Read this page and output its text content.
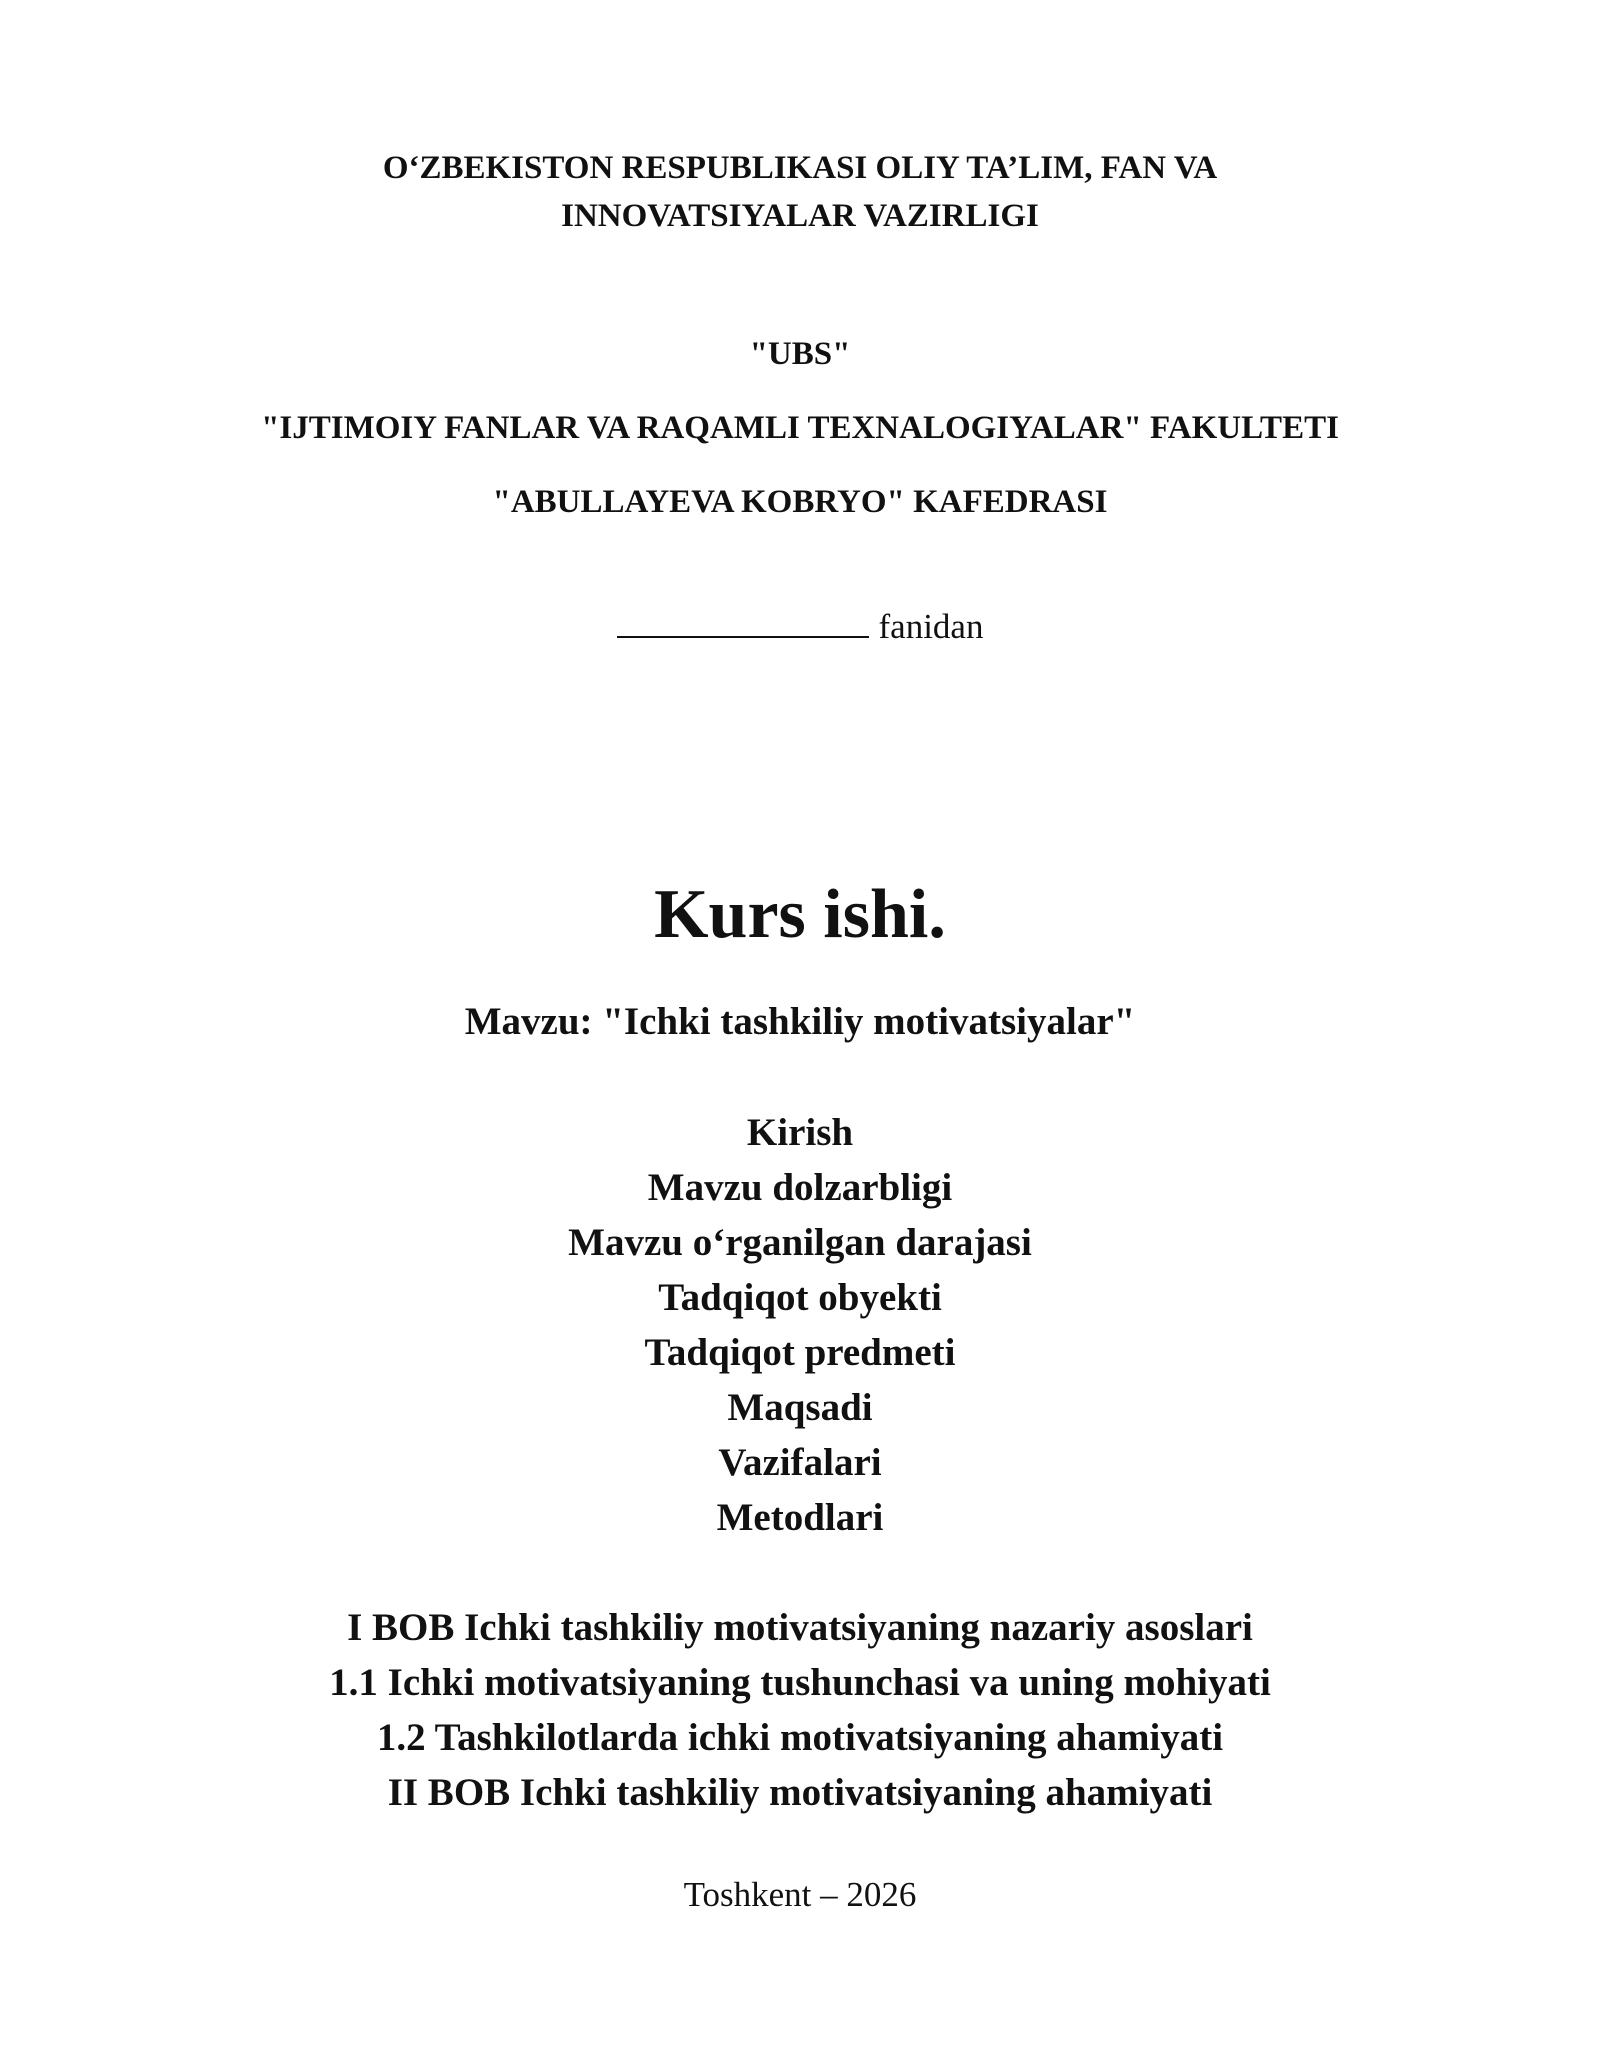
O‘ZBEKISTON RESPUBLIKASI OLIY TA’LIM, FAN VA
INNOVATSIYALAR VAZIRLIGI
"UBS"
"IJTIMOIY FANLAR VA RAQAMLI TEXNALOGIYALAR" FAKULTETI
"ABULLAYEVA KOBRYO" KAFEDRASI
fanidan
Kurs ishi.
Mavzu: "Ichki tashkiliy motivatsiyalar"
Kirish
Mavzu dolzarbligi
Mavzu o‘rganilgan darajasi
Tadqiqot obyekti
Tadqiqot predmeti
Maqsadi
Vazifalari
Metodlari
I BOB Ichki tashkiliy motivatsiyaning nazariy asoslari
1.1 Ichki motivatsiyaning tushunchasi va uning mohiyati
1.2 Tashkilotlarda ichki motivatsiyaning ahamiyati
II BOB Ichki tashkiliy motivatsiyaning ahamiyati
Toshkent – 2026
